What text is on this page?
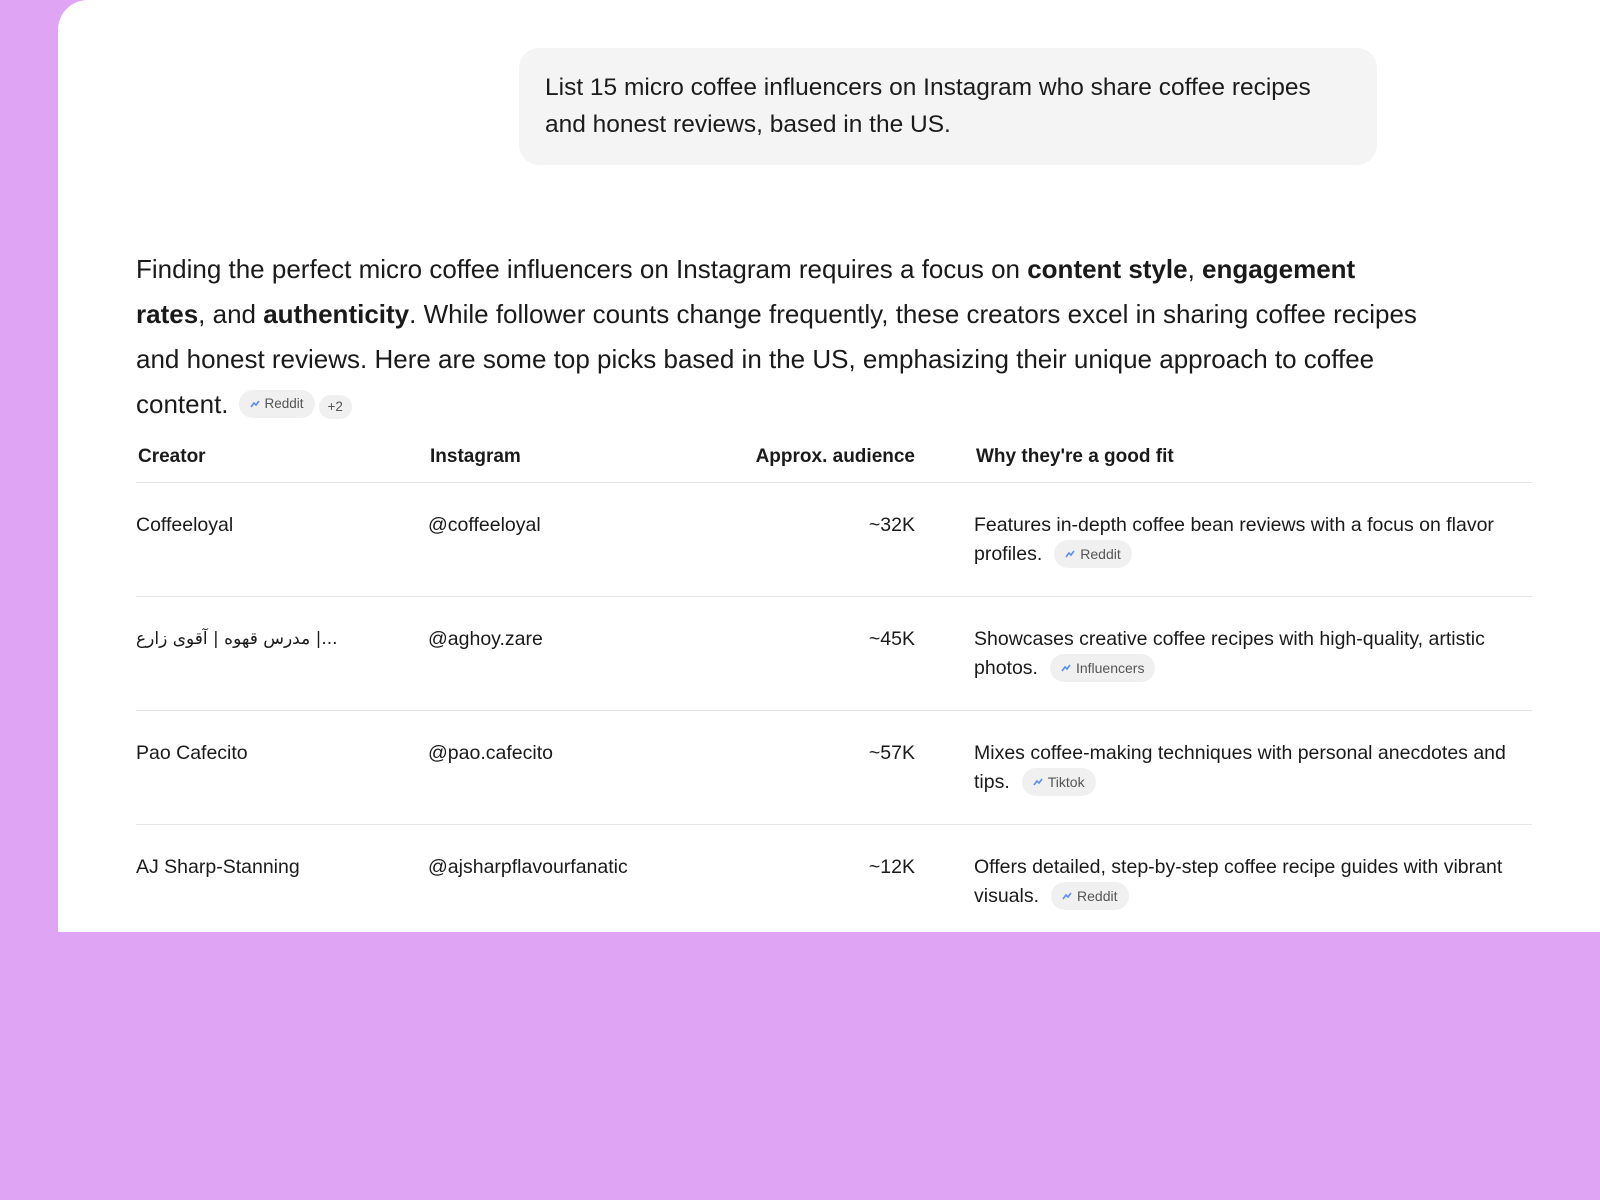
List 15 micro coffee influencers on Instagram who share coffee recipes and honest reviews, based in the US.
Finding the perfect micro coffee influencers on Instagram requires a focus on content style, engagement rates, and authenticity. While follower counts change frequently, these creators excel in sharing coffee recipes and honest reviews. Here are some top picks based in the US, emphasizing their unique approach to coffee content.	Reddit +2
Creator	Instagram	Approx. audience	Why they're a good fit
Coffeeloyal	@coffeeloyal	~32K	Features in-depth coffee bean reviews with a focus on flavor profiles. Reddit

مدرس قهوه | آقوی زارع |...	@aghoy.zare	~45K	Showcases creative coffee recipes with high-quality, artistic photos. Influencers

Pao Cafecito	@pao.cafecito	~57K	Mixes coffee-making techniques with personal anecdotes and tips. Tiktok

AJ Sharp-Stanning	@ajsharpflavourfanatic	~12K	Offers detailed, step-by-step coffee recipe guides with vibrant visuals. Reddit
